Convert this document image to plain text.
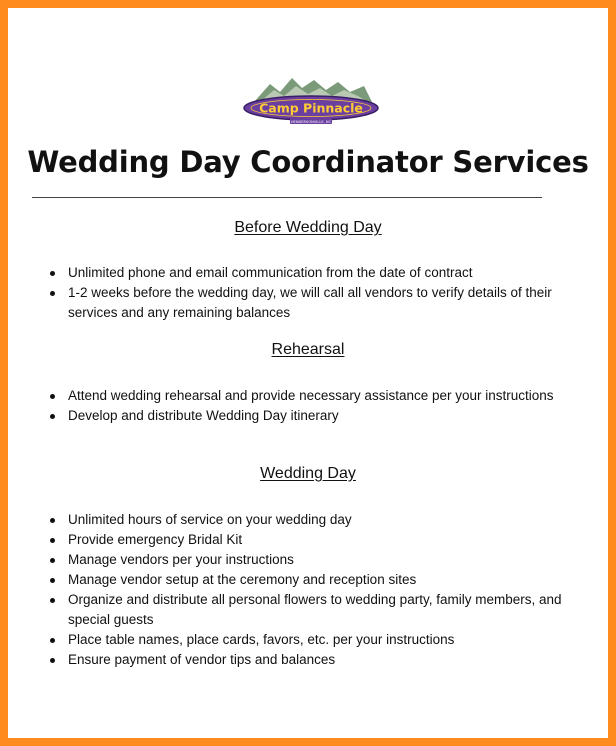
Camp Pinnacle
HENDERSONVILLE, NC
Wedding Day Coordinator Services
Before Wedding Day
Unlimited phone and email communication from the date of contract
1-2 weeks before the wedding day, we will call all vendors to verify details of their services and any remaining balances
Rehearsal
Attend wedding rehearsal and provide necessary assistance per your instructions
Develop and distribute Wedding Day itinerary
Wedding Day
Unlimited hours of service on your wedding day
Provide emergency Bridal Kit
Manage vendors per your instructions
Manage vendor setup at the ceremony and reception sites
Organize and distribute all personal flowers to wedding party, family members, and special guests
Place table names, place cards, favors, etc. per your instructions
Ensure payment of vendor tips and balances
